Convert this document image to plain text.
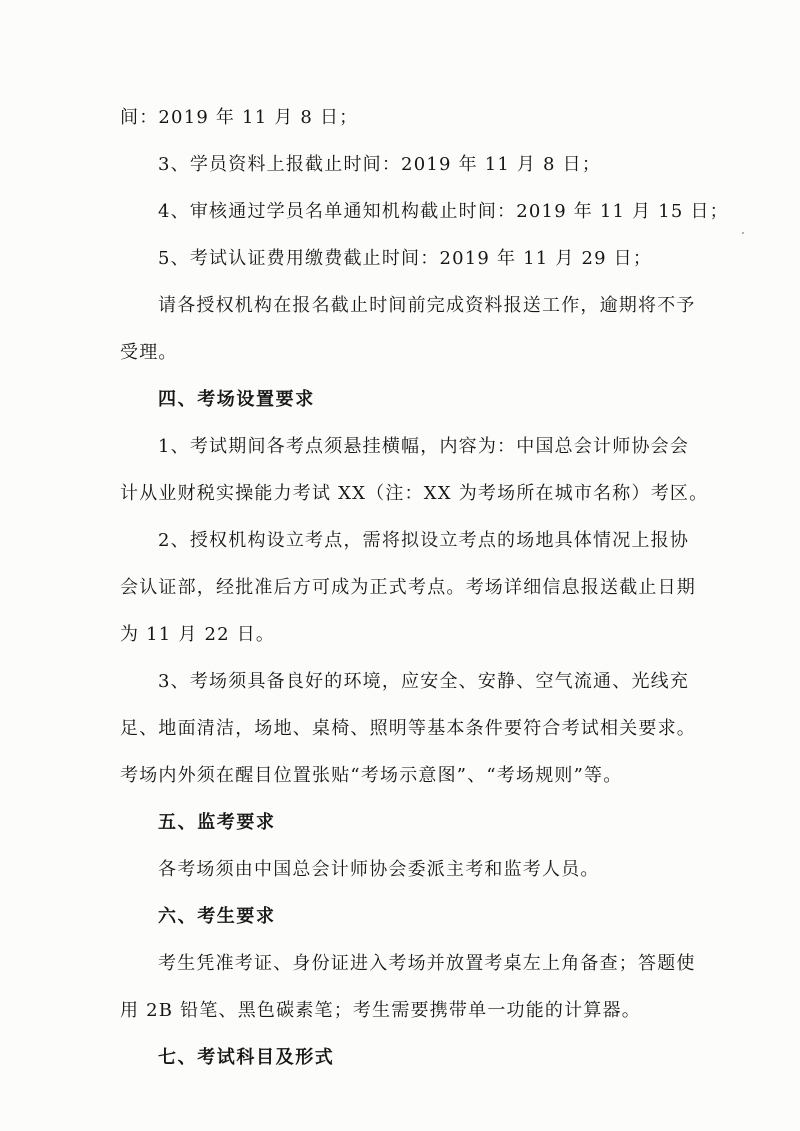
间：2019 年 11 月 8 日；
3、学员资料上报截止时间：2019 年 11 月 8 日；
4、审核通过学员名单通知机构截止时间：2019 年 11 月 15 日；
5、考试认证费用缴费截止时间：2019 年 11 月 29 日；
请各授权机构在报名截止时间前完成资料报送工作，逾期将不予
受理。
四、考场设置要求
1、考试期间各考点须悬挂横幅，内容为：中国总会计师协会会
计从业财税实操能力考试 XX（注：XX 为考场所在城市名称）考区。
2、授权机构设立考点，需将拟设立考点的场地具体情况上报协
会认证部，经批准后方可成为正式考点。考场详细信息报送截止日期
为 11 月 22 日。
3、考场须具备良好的环境，应安全、安静、空气流通、光线充
足、地面清洁，场地、桌椅、照明等基本条件要符合考试相关要求。
考场内外须在醒目位置张贴“考场示意图”、“考场规则”等。
五、监考要求
各考场须由中国总会计师协会委派主考和监考人员。
六、考生要求
考生凭准考证、身份证进入考场并放置考桌左上角备查；答题使
用 2B 铅笔、黑色碳素笔；考生需要携带单一功能的计算器。
七、考试科目及形式
